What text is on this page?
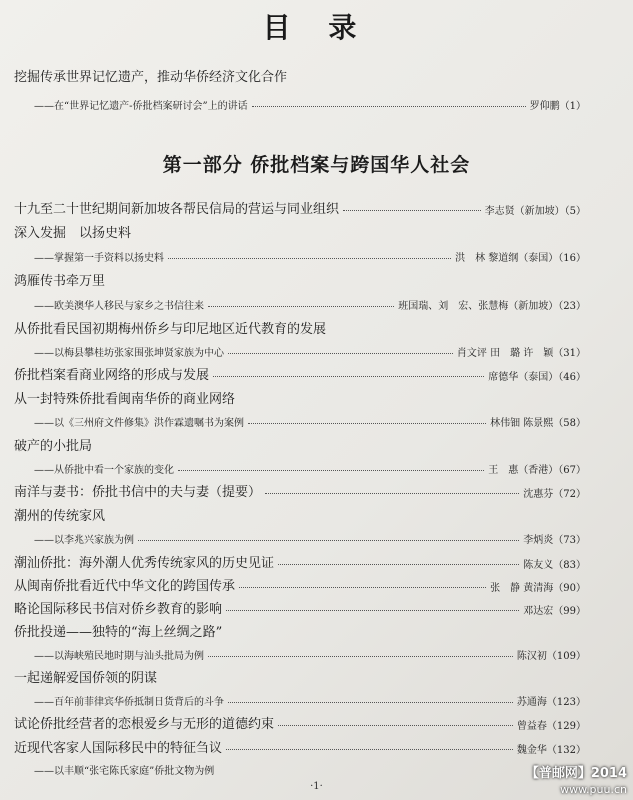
目 录
挖掘传承世界记忆遗产，推动华侨经济文化合作
——在“世界记忆遗产-侨批档案研讨会”上的讲话	罗仰鹏（1）
十九至二十世纪期间新加坡各帮民信局的营运与同业组织	李志贤（新加坡）（5）
深入发掘　以扬史料
——掌握第一手资料以扬史料	洪　林 黎道纲（泰国）（16）
鸿雁传书牵万里
——欧美澳华人移民与家乡之书信往来	班国瑞、刘　宏、张慧梅（新加坡）（23）
从侨批看民国初期梅州侨乡与印尼地区近代教育的发展
——以梅县攀桂坊张家围张坤贤家族为中心	肖文评 田　璐 许　颖（31）
侨批档案看商业网络的形成与发展	席德华（泰国）（46）
从一封特殊侨批看闽南华侨的商业网络
——以《三州府文件修集》洪作霖遗嘱书为案例	林伟钿 陈景熙（58）
破产的小批局
——从侨批中看一个家族的变化	王　惠（香港）（67）
南洋与妻书：侨批书信中的夫与妻（提要）	沈惠芬（72）
潮州的传统家风
——以李兆兴家族为例	李炳炎（73）
潮汕侨批：海外潮人优秀传统家风的历史见证	陈友义（83）
从闽南侨批看近代中华文化的跨国传承	张　静 黄清海（90）
略论国际移民书信对侨乡教育的影响	邓达宏（99）
侨批投递——独特的“海上丝绸之路”
——以海峡殖民地时期与汕头批局为例	陈汉初（109）
一起递解爱国侨领的阴谋
——百年前菲律宾华侨抵制日货背后的斗争	苏通海（123）
试论侨批经营者的恋根爱乡与无形的道德约束	曾益春（129）
近现代客家人国际移民中的特征刍议	魏金华（132）
——以丰顺“张宅陈氏家庭”侨批文物为例
第一部分 侨批档案与跨国华人社会
·1·
【普邮网】2014
www.puu.cn
